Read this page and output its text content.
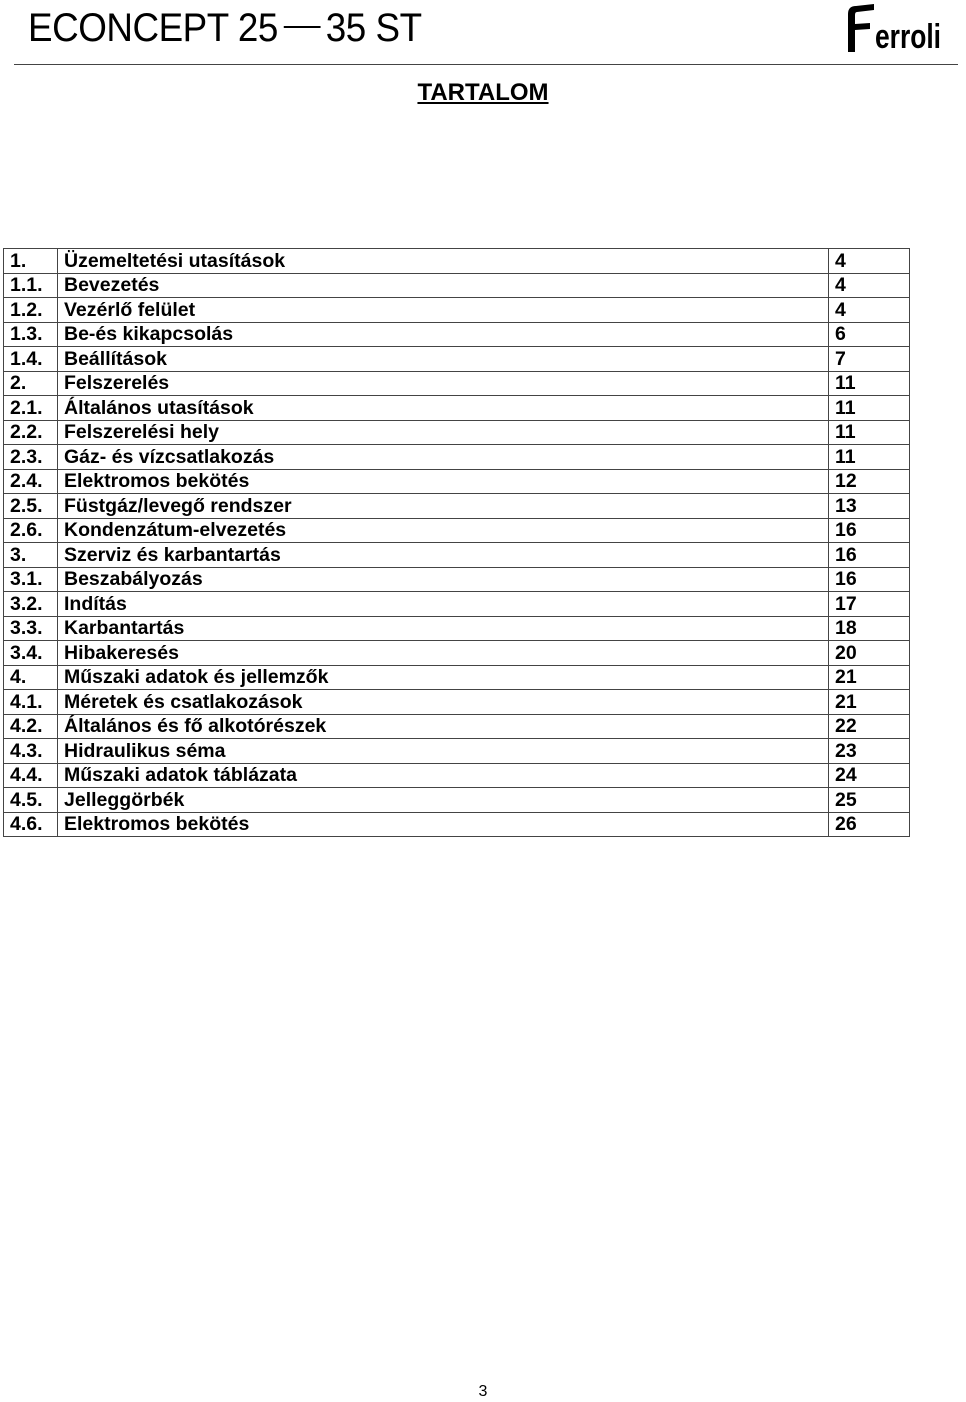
ECONCEPT 25 35 ST	erroli
TARTALOM
1.	Üzemeltetési utasítások	4
1.1.	Bevezetés	4
1.2.	Vezérlő felület	4
1.3.	Be-és kikapcsolás	6
1.4.	Beállítások	7
2.	Felszerelés	11
2.1.	Általános utasítások	11
2.2.	Felszerelési hely	11
2.3.	Gáz- és vízcsatlakozás	11
2.4.	Elektromos bekötés	12
2.5.	Füstgáz/levegő rendszer	13
2.6.	Kondenzátum-elvezetés	16
3.	Szerviz és karbantartás	16
3.1.	Beszabályozás	16
3.2.	Indítás	17
3.3.	Karbantartás	18
3.4.	Hibakeresés	20
4.	Műszaki adatok és jellemzők	21
4.1.	Méretek és csatlakozások	21
4.2.	Általános és fő alkotórészek	22
4.3.	Hidraulikus séma	23
4.4.	Műszaki adatok táblázata	24
4.5.	Jelleggörbék	25
4.6.	Elektromos bekötés	26
3
